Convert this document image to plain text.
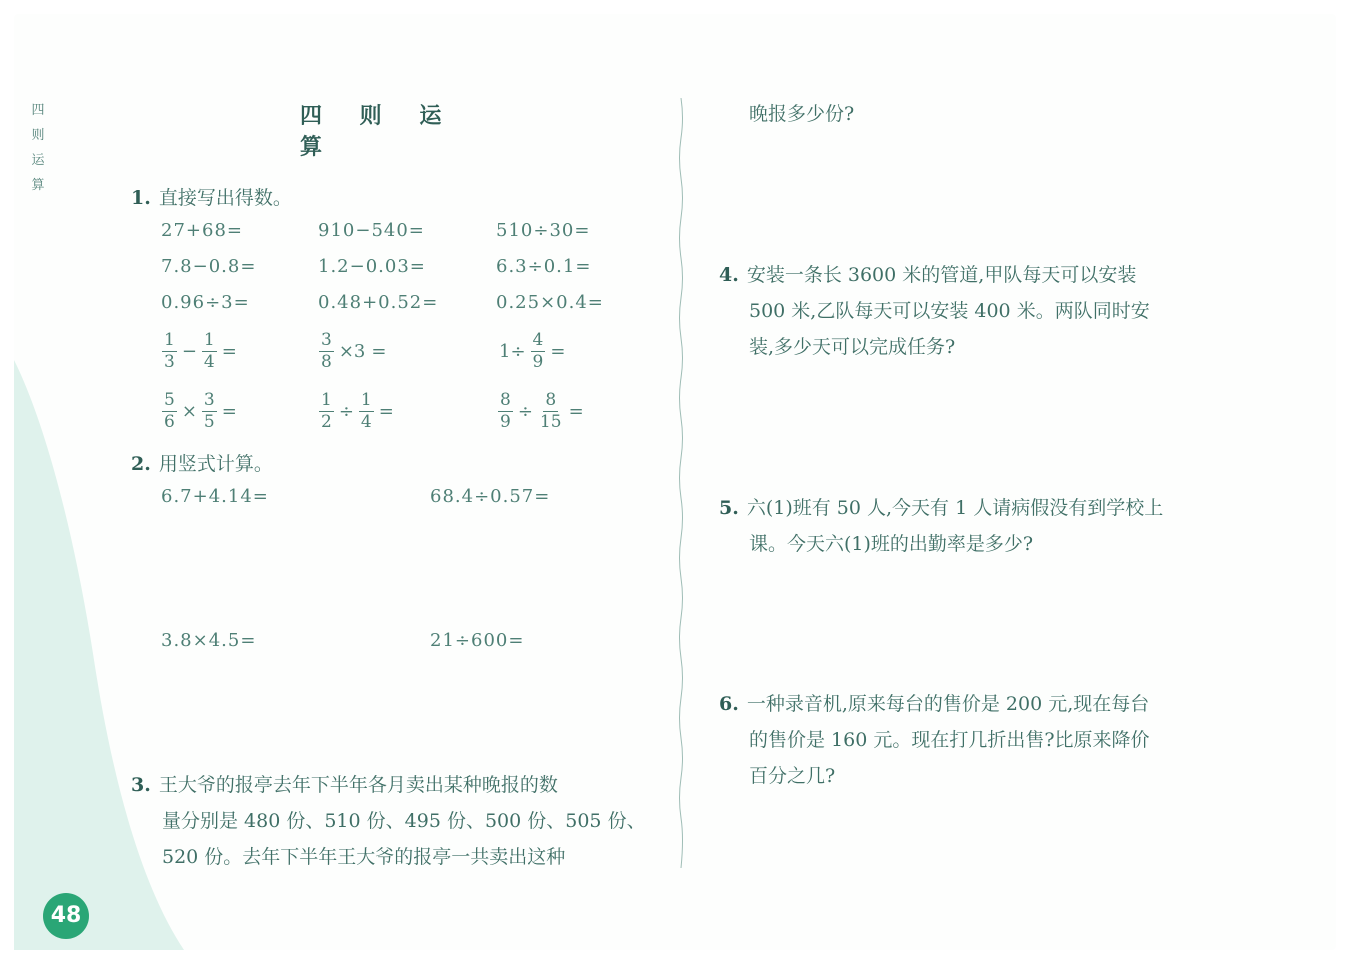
四
则
运
算
48
四 则 运 算
1. 直接写出得数。
27+68=	910−540=	510÷30=
7.8−0.8=	1.2−0.03=	6.3÷0.1=
0.96÷3=	0.48+0.52=	0.25×0.4=
$\frac{1}{3} - \frac{1}{4}$ =	$\frac{3}{8} \times 3$ =	$1\div \frac{4}{9}$ =
$\frac{5}{6} \times \frac{3}{5}$ =	$\frac{1}{2} \div \frac{1}{4}$ =	$\frac{8}{9} \div \frac{8}{15}$ =
2. 用竖式计算。
6.7+4.14=	68.4÷0.57=
3.8×4.5=	21÷600=
3. 王大爷的报亭去年下半年各月卖出某种晚报的数
量分别是 480 份、510 份、495 份、500 份、505 份、
520 份。去年下半年王大爷的报亭一共卖出这种
晚报多少份?
4. 安装一条长 3600 米的管道,甲队每天可以安装
500 米,乙队每天可以安装 400 米。两队同时安
装,多少天可以完成任务?
5. 六(1)班有 50 人,今天有 1 人请病假没有到学校上
课。今天六(1)班的出勤率是多少?
6. 一种录音机,原来每台的售价是 200 元,现在每台
的售价是 160 元。现在打几折出售?比原来降价
百分之几?
